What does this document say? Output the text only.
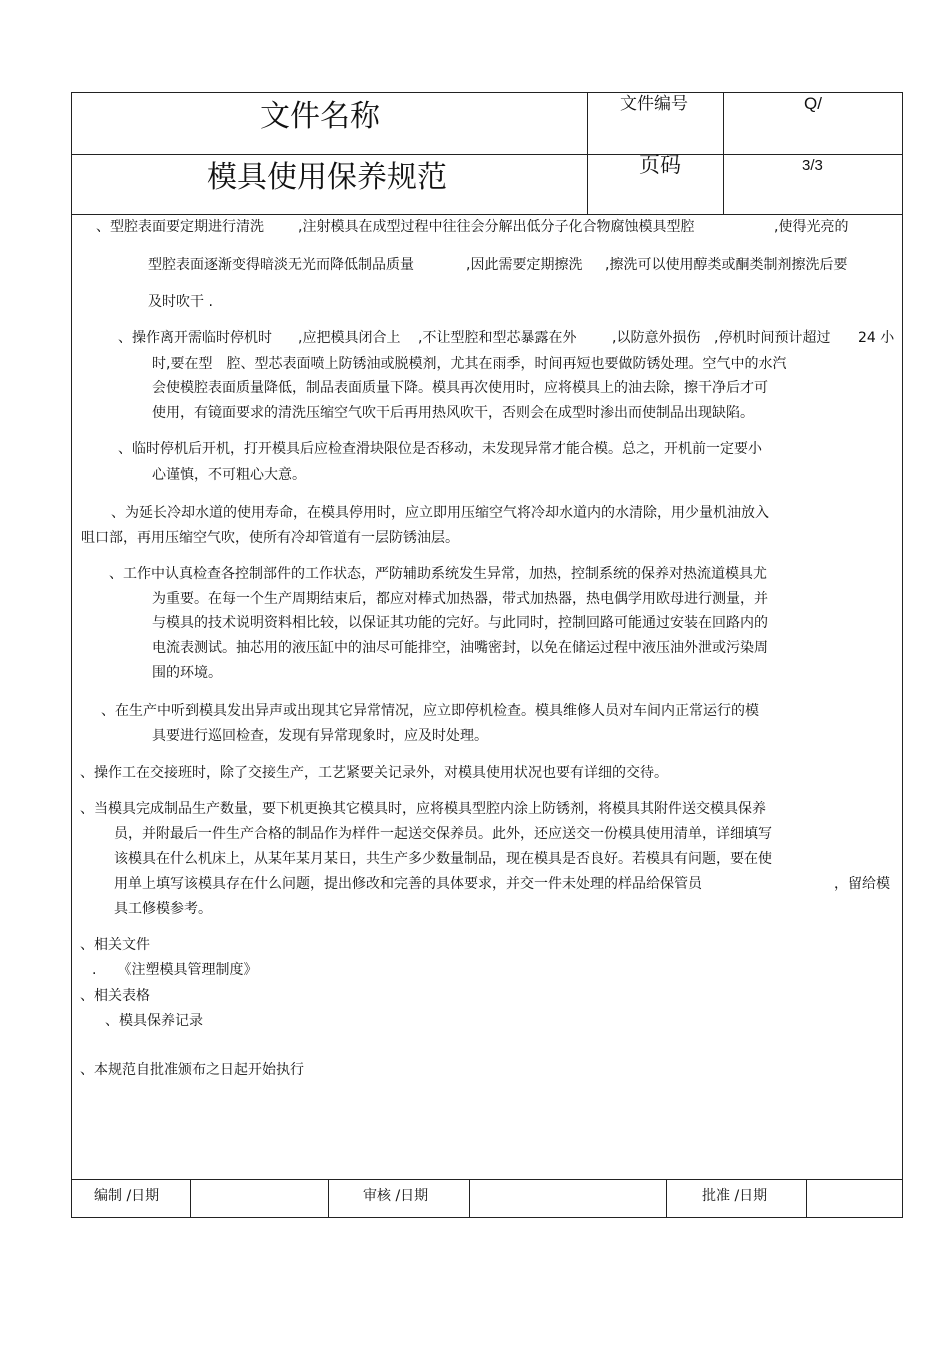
文件名称	文件编号	Q/
模具使用保养规范	页码	3/3
、型腔表面要定期进行清洗 ,注射模具在成型过程中往往会分解出低分子化合物腐蚀模具型腔	,使得光亮的
型腔表面逐渐变得暗淡无光而降低制品质量	,因此需要定期擦洗 ,擦洗可以使用醇类或酮类制剂擦洗后要
及时吹干 .
、操作离开需临时停机时 ,应把模具闭合上 ,不让型腔和型芯暴露在外	,以防意外损伤 ,停机时间预计超过 24 小
时,要在型　腔、型芯表面喷上防锈油或脱模剂，尤其在雨季，时间再短也要做防锈处理。空气中的水汽
会使模腔表面质量降低，制品表面质量下降。模具再次使用时，应将模具上的油去除，擦干净后才可
使用，有镜面要求的清洗压缩空气吹干后再用热风吹干，否则会在成型时渗出而使制品出现缺陷。
、临时停机后开机，打开模具后应检查滑块限位是否移动，未发现异常才能合模。总之，开机前一定要小
心谨慎，不可粗心大意。
、为延长冷却水道的使用寿命，在模具停用时，应立即用压缩空气将冷却水道内的水清除，用少量机油放入
咀口部，再用压缩空气吹，使所有冷却管道有一层防锈油层。
、工作中认真检查各控制部件的工作状态，严防辅助系统发生异常，加热，控制系统的保养对热流道模具尤
为重要。在每一个生产周期结束后，都应对棒式加热器，带式加热器，热电偶学用欧母进行测量，并
与模具的技术说明资料相比较，以保证其功能的完好。与此同时，控制回路可能通过安装在回路内的
电流表测试。抽芯用的液压缸中的油尽可能排空，油嘴密封，以免在储运过程中液压油外泄或污染周
围的环境。
、在生产中听到模具发出异声或出现其它异常情况，应立即停机检查。模具维修人员对车间内正常运行的模
具要进行巡回检查，发现有异常现象时，应及时处理。
、操作工在交接班时，除了交接生产，工艺紧要关记录外，对模具使用状况也要有详细的交待。
、当模具完成制品生产数量，要下机更换其它模具时，应将模具型腔内涂上防锈剂，将模具其附件送交模具保养
员，并附最后一件生产合格的制品作为样件一起送交保养员。此外，还应送交一份模具使用清单，详细填写
该模具在什么机床上，从某年某月某日，共生产多少数量制品，现在模具是否良好。若模具有问题，要在使
用单上填写该模具存在什么问题，提出修改和完善的具体要求，并交一件未处理的样品给保管员	，留给模
具工修模参考。
、相关文件
.　　《注塑模具管理制度》
、相关表格
、模具保养记录
、本规范自批准颁布之日起开始执行
编制 /日期	审核 /日期	批准 /日期
